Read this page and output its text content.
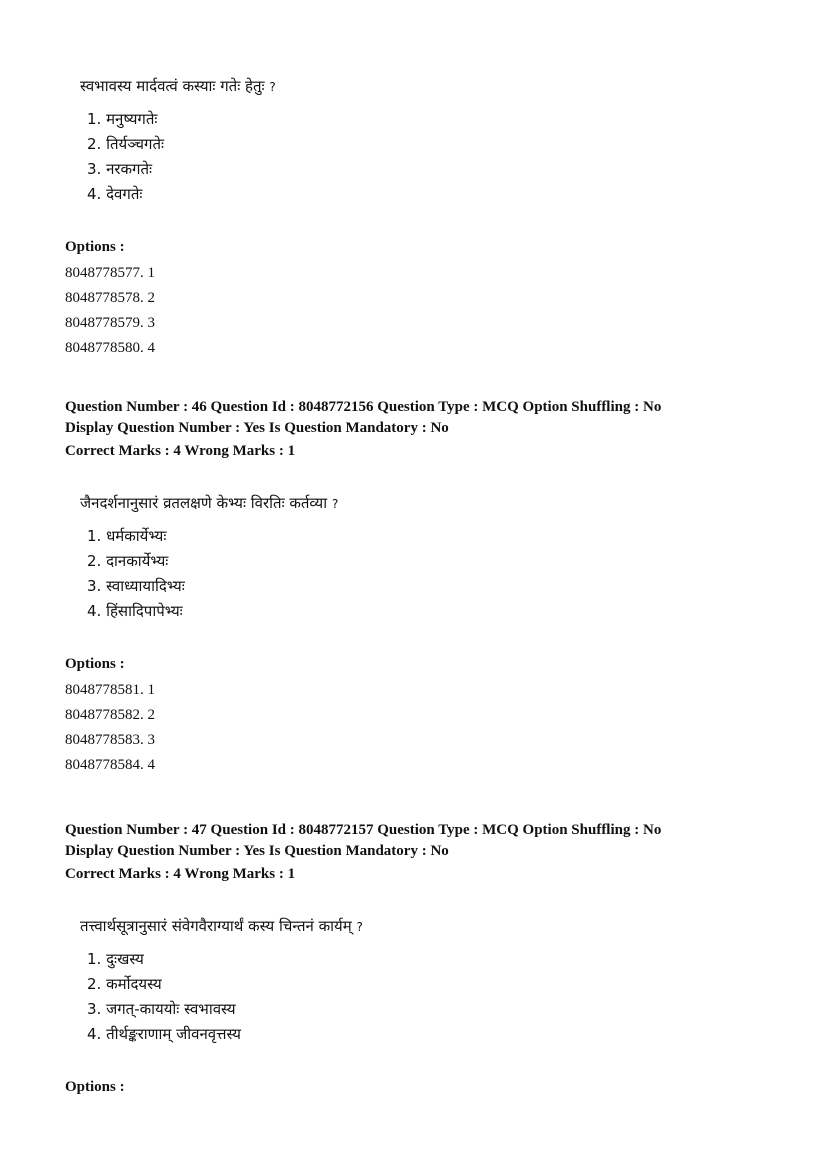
स्वभावस्य मार्दवत्वं कस्याः गतेः हेतुः ?

1. मनुष्यगतेः
2. तिर्यञ्चगतेः
3. नरकगतेः
4. देवगतेः
Options :
8048778577. 1
8048778578. 2
8048778579. 3
8048778580. 4
Question Number : 46 Question Id : 8048772156 Question Type : MCQ Option Shuffling : No
Display Question Number : Yes Is Question Mandatory : No
Correct Marks : 4 Wrong Marks : 1

जैनदर्शनानुसारं व्रतलक्षणे केभ्यः विरतिः कर्तव्या ?

1. धर्मकार्येभ्यः
2. दानकार्येभ्यः
3. स्वाध्यायादिभ्यः
4. हिंसादिपापेभ्यः
Options :
8048778581. 1
8048778582. 2
8048778583. 3
8048778584. 4
Question Number : 47 Question Id : 8048772157 Question Type : MCQ Option Shuffling : No
Display Question Number : Yes Is Question Mandatory : No
Correct Marks : 4 Wrong Marks : 1

तत्त्वार्थसूत्रानुसारं संवेगवैराग्यार्थं कस्य चिन्तनं कार्यम् ?

1. दुःखस्य
2. कर्मोदयस्य
3. जगत्-काययोः स्वभावस्य
4. तीर्थङ्कराणाम् जीवनवृत्तस्य
Options :
